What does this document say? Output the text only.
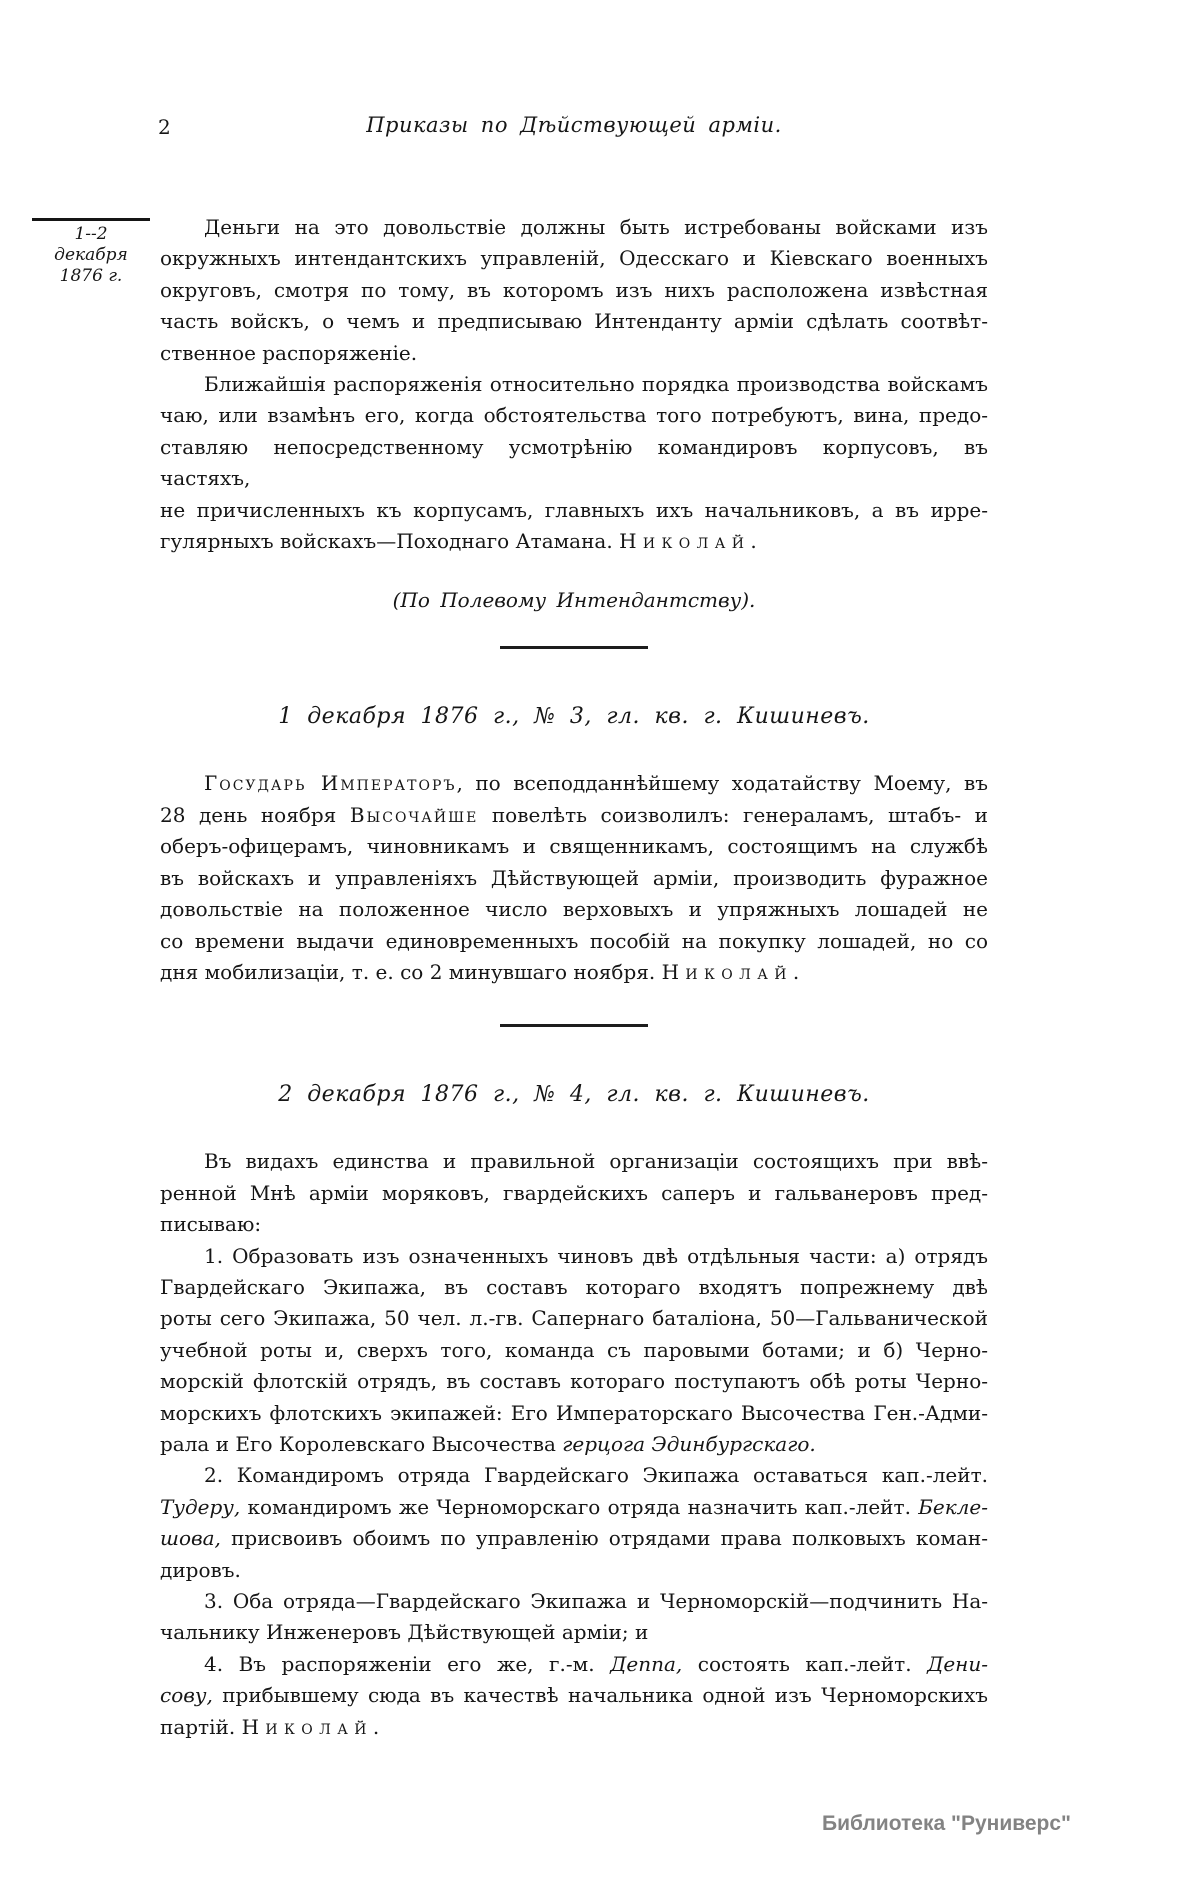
2	Приказы по Дѣйствующей арміи.
1--2
декабря
1876 г.
Деньги на это довольствіе должны быть истребованы войсками изъ
окружныхъ интендантскихъ управленій, Одесскаго и Кіевскаго военныхъ
округовъ, смотря по тому, въ которомъ изъ нихъ расположена извѣстная
часть войскъ, о чемъ и предписываю Интенданту арміи сдѣлать соотвѣт-
ственное распоряженіе.
Ближайшія распоряженія относительно порядка производства войскамъ
чаю, или взамѣнъ его, когда обстоятельства того потребуютъ, вина, предо-
ставляю непосредственному усмотрѣнію командировъ корпусовъ, въ частяхъ,
не причисленныхъ къ корпусамъ, главныхъ ихъ начальниковъ, а въ ирре-
гулярныхъ войскахъ—Походнаго Атамана. Николай.
(По Полевому Интендантству).
1 декабря 1876 г., № 3, гл. кв. г. Кишиневъ.
Государь Императоръ, по всеподданнѣйшему ходатайству Моему, въ
28 день ноября Высочайше повелѣть соизволилъ: генераламъ, штабъ- и
оберъ-офицерамъ, чиновникамъ и священникамъ, состоящимъ на службѣ
въ войскахъ и управленіяхъ Дѣйствующей арміи, производить фуражное
довольствіе на положенное число верховыхъ и упряжныхъ лошадей не
со времени выдачи единовременныхъ пособій на покупку лошадей, но со
дня мобилизаціи, т. е. со 2 минувшаго ноября. Николай.
2 декабря 1876 г., № 4, гл. кв. г. Кишиневъ.
Въ видахъ единства и правильной организаціи состоящихъ при ввѣ-
ренной Мнѣ арміи моряковъ, гвардейскихъ саперъ и гальванеровъ пред-
писываю:
1. Образовать изъ означенныхъ чиновъ двѣ отдѣльныя части: а) отрядъ
Гвардейскаго Экипажа, въ составъ котораго входятъ попрежнему двѣ
роты сего Экипажа, 50 чел. л.-гв. Сапернаго баталіона, 50—Гальванической
учебной роты и, сверхъ того, команда съ паровыми ботами; и б) Черно-
морскій флотскій отрядъ, въ составъ котораго поступаютъ обѣ роты Черно-
морскихъ флотскихъ экипажей: Его Императорскаго Высочества Ген.-Адми-
рала и Его Королевскаго Высочества герцога Эдинбургскаго.
2. Командиромъ отряда Гвардейскаго Экипажа оставаться кап.-лейт.
Тудеру, командиромъ же Черноморскаго отряда назначить кап.-лейт. Бекле-
шова, присвоивъ обоимъ по управленію отрядами права полковыхъ коман-
дировъ.
3. Оба отряда—Гвардейскаго Экипажа и Черноморскій—подчинить На-
чальнику Инженеровъ Дѣйствующей арміи; и
4. Въ распоряженіи его же, г.-м. Деппа, состоять кап.-лейт. Дени-
сову, прибывшему сюда въ качествѣ начальника одной изъ Черноморскихъ
партій. Николай.
Библиотека "Руниверс"
